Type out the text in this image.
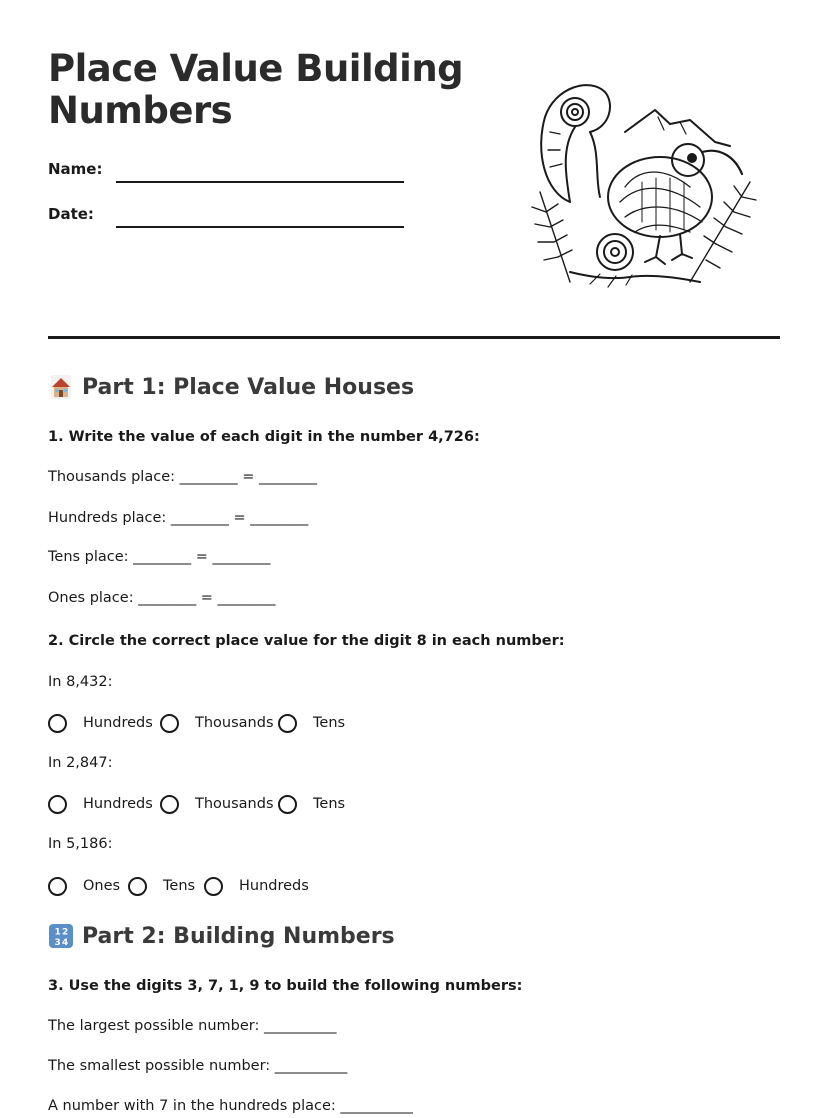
Place Value Building Numbers
Name:
Date:
Part 1: Place Value Houses

1. Write the value of each digit in the number 4,726:

Thousands place: ________ = ________

Hundreds place: ________ = ________

Tens place: ________ = ________

Ones place: ________ = ________

2. Circle the correct place value for the digit 8 in each number:

In 8,432:

Hundreds	Thousands	Tens

In 2,847:

Hundreds	Thousands	Tens

In 5,186:

Ones	Tens	Hundreds
1 2
3 4 Part 2: Building Numbers

3. Use the digits 3, 7, 1, 9 to build the following numbers:

The largest possible number: __________

The smallest possible number: __________

A number with 7 in the hundreds place: __________
